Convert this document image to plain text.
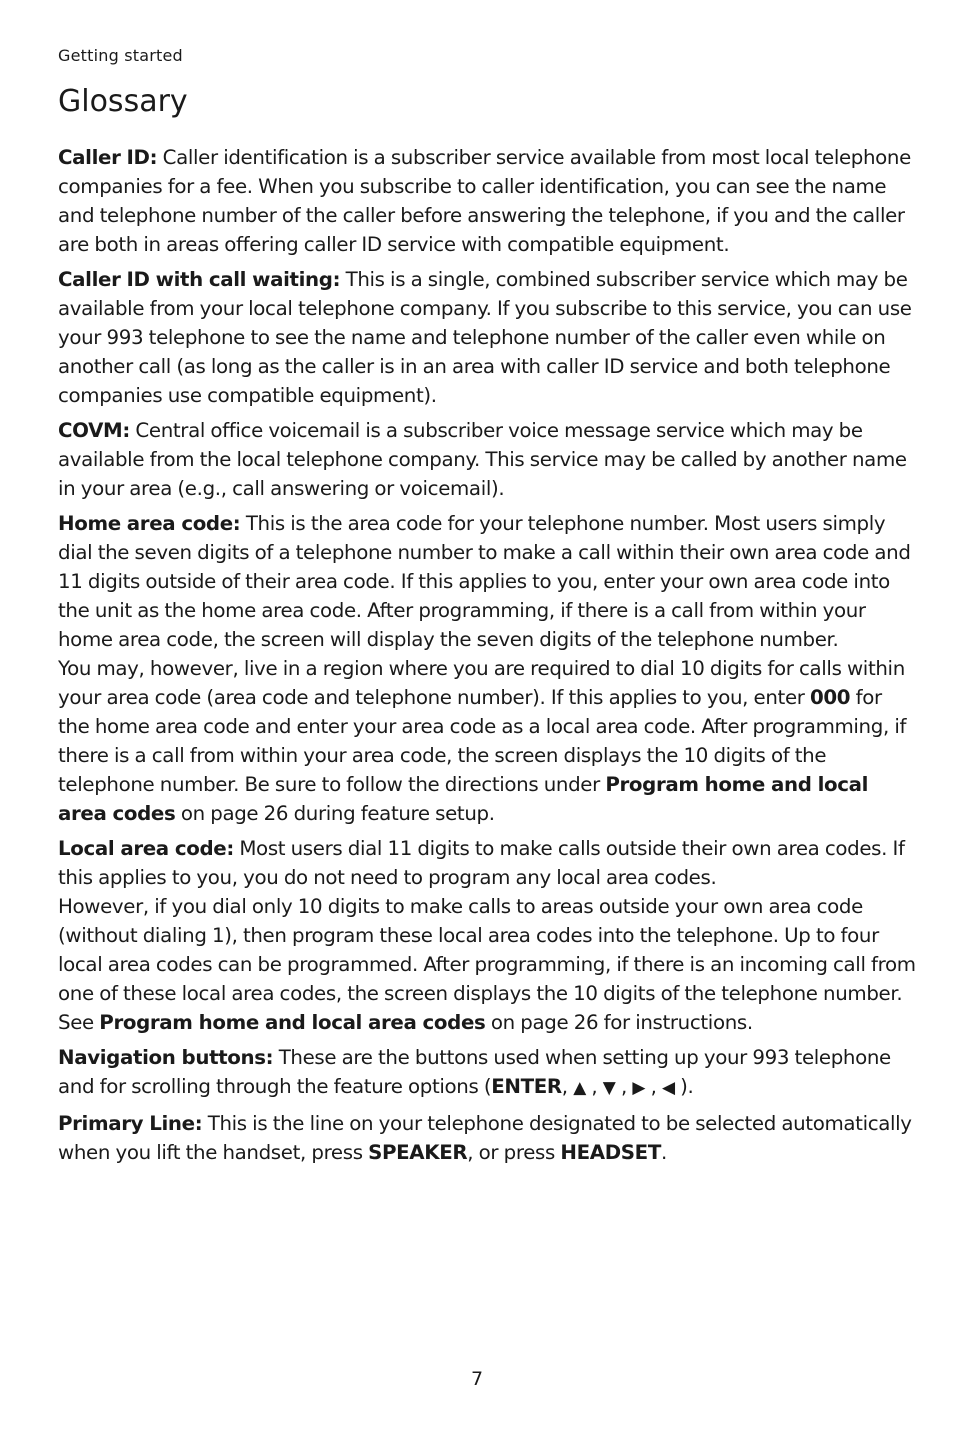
Getting started
Glossary

Caller ID: Caller identification is a subscriber service available from most local telephone companies for a fee. When you subscribe to caller identification, you can see the name and telephone number of the caller before answering the telephone, if you and the caller are both in areas offering caller ID service with compatible equipment.

Caller ID with call waiting: This is a single, combined subscriber service which may be available from your local telephone company. If you subscribe to this service, you can use your 993 telephone to see the name and telephone number of the caller even while on another call (as long as the caller is in an area with caller ID service and both telephone companies use compatible equipment).

COVM: Central office voicemail is a subscriber voice message service which may be available from the local telephone company. This service may be called by another name in your area (e.g., call answering or voicemail).

Home area code: This is the area code for your telephone number. Most users simply dial the seven digits of a telephone number to make a call within their own area code and 11 digits outside of their area code. If this applies to you, enter your own area code into the unit as the home area code. After programming, if there is a call from within your home area code, the screen will display the seven digits of the telephone number.

You may, however, live in a region where you are required to dial 10 digits for calls within your area code (area code and telephone number). If this applies to you, enter 000 for the home area code and enter your area code as a local area code. After programming, if there is a call from within your area code, the screen displays the 10 digits of the telephone number. Be sure to follow the directions under Program home and local area codes on page 26 during feature setup.

Local area code: Most users dial 11 digits to make calls outside their own area codes. If this applies to you, you do not need to program any local area codes.

However, if you dial only 10 digits to make calls to areas outside your own area code (without dialing 1), then program these local area codes into the telephone. Up to four local area codes can be programmed. After programming, if there is an incoming call from one of these local area codes, the screen displays the 10 digits of the telephone number. See Program home and local area codes on page 26 for instructions.

Navigation buttons: These are the buttons used when setting up your 993 telephone and for scrolling through the feature options (ENTER, ▲ , ▼ , ▶ , ◀ ).

Primary Line: This is the line on your telephone designated to be selected automatically when you lift the handset, press SPEAKER, or press HEADSET.

7
